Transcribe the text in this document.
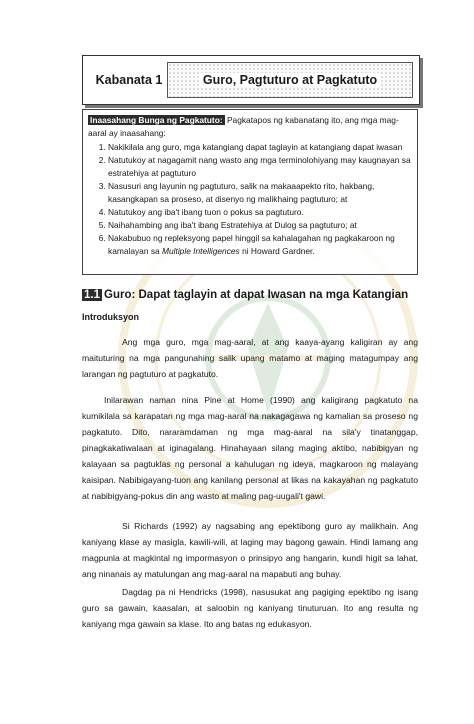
Kabanata 1	Guro, Pagtuturo at Pagkatuto
Inaasahang Bunga ng Pagkatuto: Pagkatapos ng kabanatang ito, ang mga mag-aaral ay inaasahang:
1. Nakikilala ang guro, mga katangiang dapat taglayin at katangiang dapat iwasan
2. Natutukoy at nagagamit nang wasto ang mga terminolohiyang may kaugnayan sa estratehiya at pagtuturo
3. Nasusuri ang layunin ng pagtuturo, salik na makaaapekto rito, hakbang, kasangkapan sa proseso, at disenyo ng malikhaing pagtuturo; at
4. Natutukoy ang iba't ibang tuon o pokus sa pagtuturo.
5. Naihahambing ang iba't ibang Estratehiya at Dulog sa pagtuturo; at
6. Nakabubuo ng repleksyong papel hinggil sa kahalagahan ng pagkakaroon ng kamalayan sa Multiple Intelligences ni Howard Gardner.
1.1 Guro: Dapat taglayin at dapat Iwasan na mga Katangian
Introduksyon

Ang mga guro, mga mag-aaral, at ang kaaya-ayang kaligiran ay ang maituturing na mga pangunahing salik upang matamo at maging matagumpay ang larangan ng pagtuturo at pagkatuto.

Inilarawan naman nina Pine at Home (1990) ang kaligirang pagkatuto na kumikilala sa karapatan ng mga mag-aaral na nakagagawa ng kamalian sa proseso ng pagkatuto. Dito, nararamdaman ng mga mag-aaral na sila'y tinatanggap, pinagkakatiwalaan at iginagalang. Hinahayaan silang maging aktibo, nabibigyan ng kalayaan sa pagtuklas ng personal a kahulugan ng ideya, magkaroon ng malayang kaisipan. Nabibigayang-tuon ang kanilang personal at likas na kakayahan ng pagkatuto at nabibigyang-pokus din ang wasto at maling pag-uugali't gawi.

Si Richards (1992) ay nagsabing ang epektibong guro ay malikhain. Ang kaniyang klase ay masigla, kawili-wili, at laging may bagong gawain. Hindi lamang ang magpunla at magkintal ng impormasyon o prinsipyo ang hangarin, kundi higit sa lahat, ang ninanais ay matulungan ang mag-aaral na mapabuti ang buhay.

Dagdag pa ni Hendricks (1998), nasusukat ang pagiging epektibo ng isang guro sa gawain, kaasalan, at saloobin ng kaniyang tinuturuan. Ito ang resulta ng kaniyang mga gawain sa klase. Ito ang batas ng edukasyon.
